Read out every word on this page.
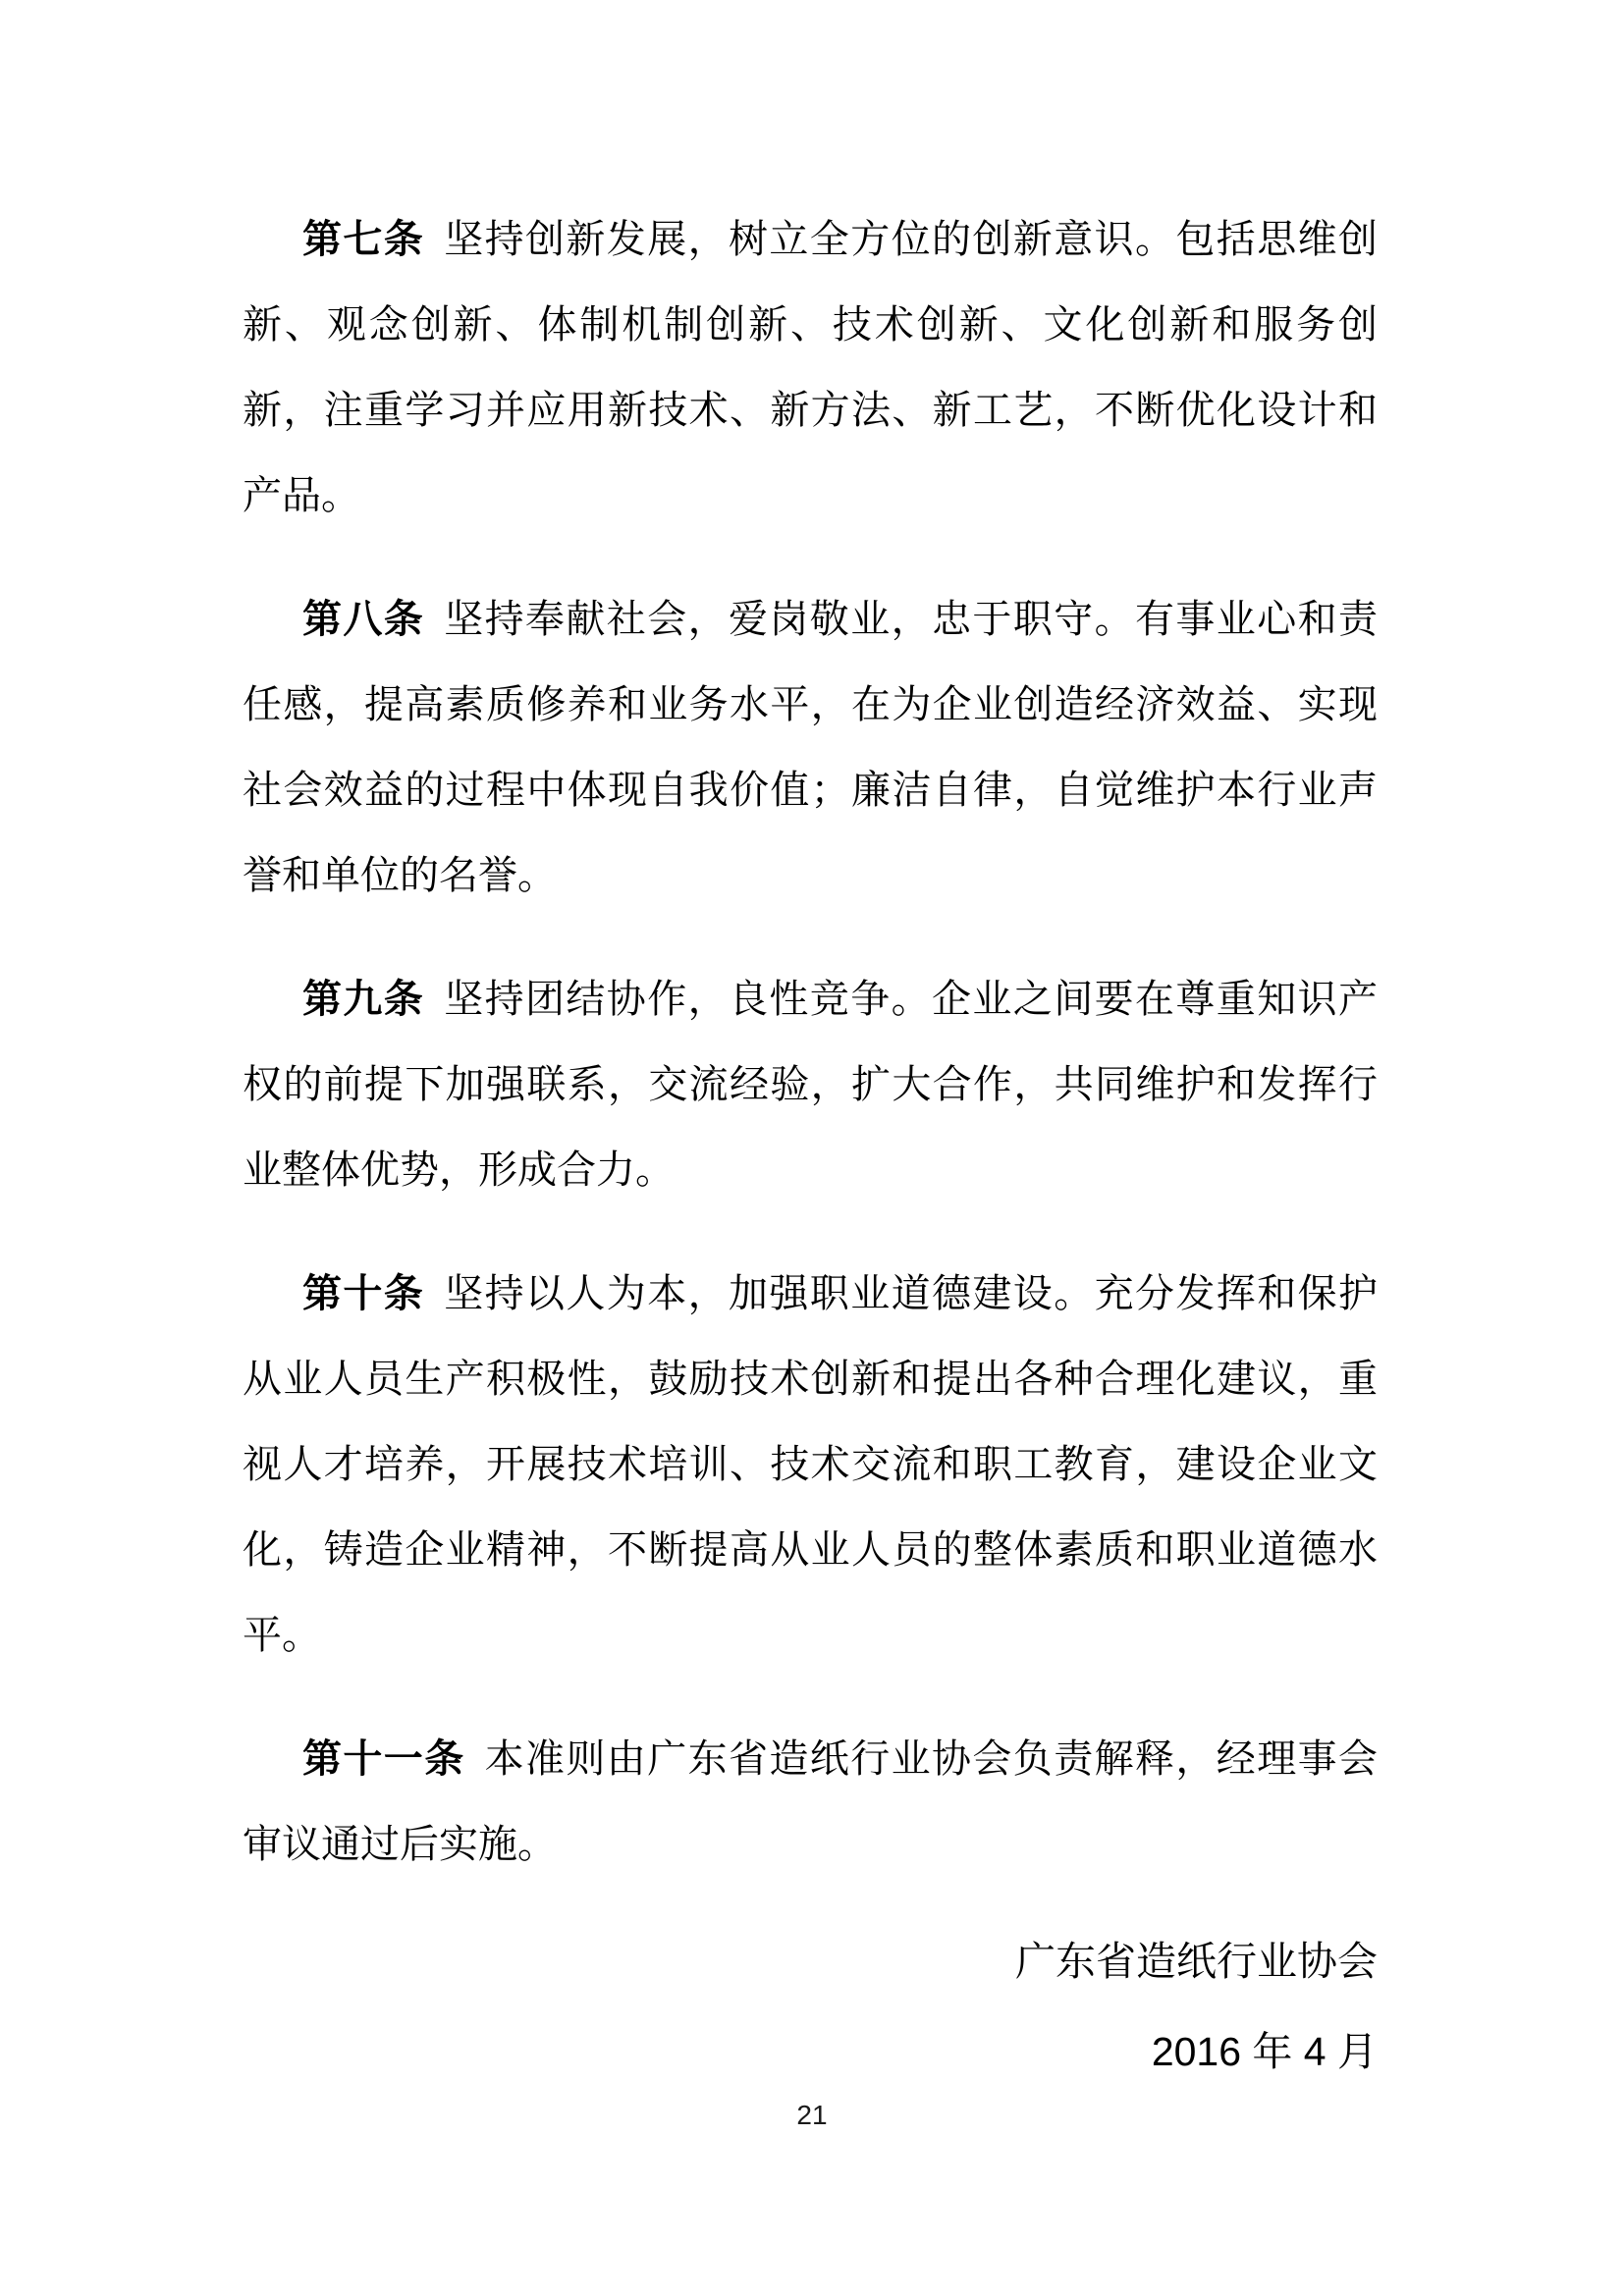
第七条 坚持创新发展，树立全方位的创新意识。包括思维创新、观念创新、体制机制创新、技术创新、文化创新和服务创新，注重学习并应用新技术、新方法、新工艺，不断优化设计和产品。

第八条 坚持奉献社会，爱岗敬业，忠于职守。有事业心和责任感，提高素质修养和业务水平，在为企业创造经济效益、实现社会效益的过程中体现自我价值；廉洁自律，自觉维护本行业声誉和单位的名誉。

第九条 坚持团结协作，良性竞争。企业之间要在尊重知识产权的前提下加强联系，交流经验，扩大合作，共同维护和发挥行业整体优势，形成合力。

第十条 坚持以人为本，加强职业道德建设。充分发挥和保护从业人员生产积极性，鼓励技术创新和提出各种合理化建议，重视人才培养，开展技术培训、技术交流和职工教育，建设企业文化，铸造企业精神，不断提高从业人员的整体素质和职业道德水平。

第十一条 本准则由广东省造纸行业协会负责解释，经理事会审议通过后实施。

广东省造纸行业协会
2016 年 4 月
21
